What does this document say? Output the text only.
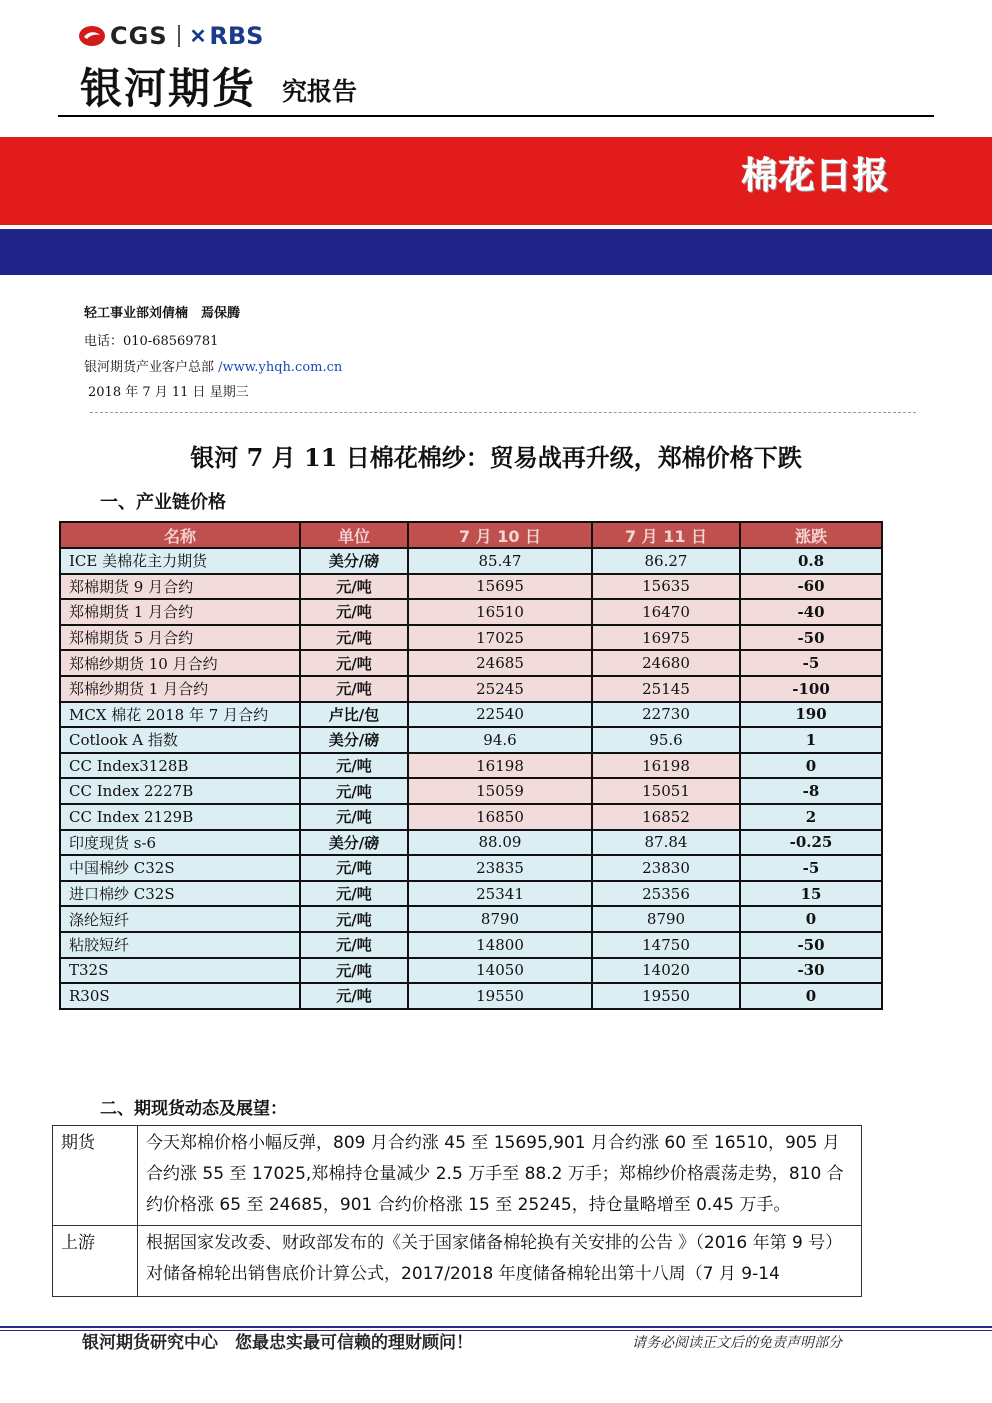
CGS ✕ RBS
银河期货 究报告
棉花日报
轻工事业部刘倩楠　焉保腾
电话：010-68569781
银河期货产业客户总部 /www.yhqh.com.cn
2018 年 7 月 11 日 星期三
银河 7 月 11 日棉花棉纱：贸易战再升级，郑棉价格下跌
一、产业链价格
名称	单位	7 月 10 日	7 月 11 日	涨跌
ICE 美棉花主力期货	美分/磅	85.47	86.27	0.8
郑棉期货 9 月合约	元/吨	15695	15635	-60
郑棉期货 1 月合约	元/吨	16510	16470	-40
郑棉期货 5 月合约	元/吨	17025	16975	-50
郑棉纱期货 10 月合约	元/吨	24685	24680	-5
郑棉纱期货 1 月合约	元/吨	25245	25145	-100
MCX 棉花 2018 年 7 月合约	卢比/包	22540	22730	190
Cotlook A 指数	美分/磅	94.6	95.6	1
CC Index3128B	元/吨	16198	16198	0
CC Index 2227B	元/吨	15059	15051	-8
CC Index 2129B	元/吨	16850	16852	2
印度现货 s-6	美分/磅	88.09	87.84	-0.25
中国棉纱 C32S	元/吨	23835	23830	-5
进口棉纱 C32S	元/吨	25341	25356	15
涤纶短纤	元/吨	8790	8790	0
粘胶短纤	元/吨	14800	14750	-50
T32S	元/吨	14050	14020	-30
R30S	元/吨	19550	19550	0
二、期现货动态及展望：
期货	今天郑棉价格小幅反弹，809 月合约涨 45 至 15695,901 月合约涨 60 至 16510，905 月合约涨 55 至 17025,郑棉持仓量减少 2.5 万手至 88.2 万手；郑棉纱价格震荡走势，810 合约价格涨 65 至 24685，901 合约价格涨 15 至 25245，持仓量略增至 0.45 万手。
上游	根据国家发改委、财政部发布的《关于国家储备棉轮换有关安排的公告 》（2016 年第 9 号）对储备棉轮出销售底价计算公式，2017/2018 年度储备棉轮出第十八周（7 月 9-14
银河期货研究中心　您最忠实最可信赖的理财顾问！	请务必阅读正文后的免责声明部分
